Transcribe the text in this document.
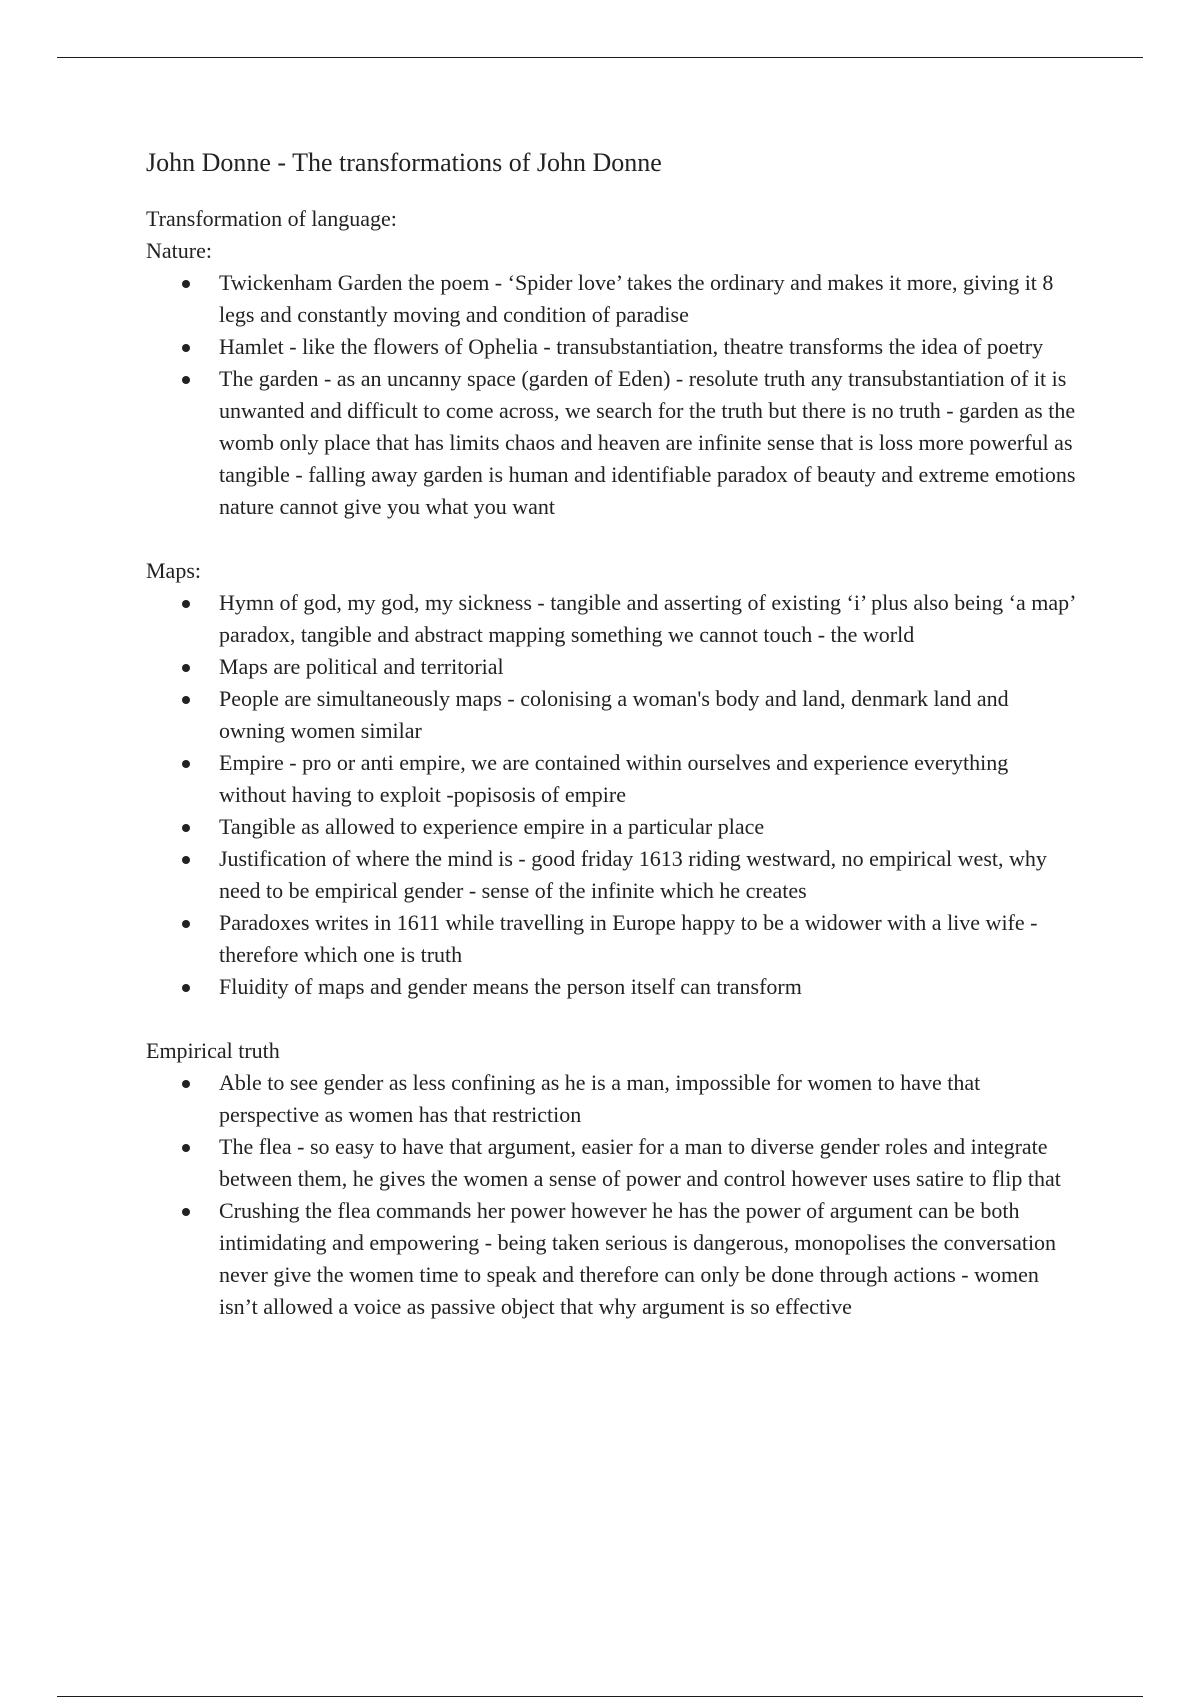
John Donne - The transformations of John Donne

Transformation of language:

Nature:

Twickenham Garden the poem - ‘Spider love’ takes the ordinary and makes it more, giving it 8 legs and constantly moving and condition of paradise
Hamlet - like the flowers of Ophelia - transubstantiation, theatre transforms the idea of poetry
The garden - as an uncanny space (garden of Eden) - resolute truth any transubstantiation of it is unwanted and difficult to come across, we search for the truth but there is no truth - garden as the womb only place that has limits chaos and heaven are infinite sense that is loss more powerful as tangible - falling away garden is human and identifiable paradox of beauty and extreme emotions nature cannot give you what you want

Maps:

Hymn of god, my god, my sickness - tangible and asserting of existing ‘i’ plus also being ‘a map’ paradox, tangible and abstract mapping something we cannot touch - the world
Maps are political and territorial
People are simultaneously maps - colonising a woman's body and land, denmark land and owning women similar
Empire - pro or anti empire, we are contained within ourselves and experience everything without having to exploit -popisosis of empire
Tangible as allowed to experience empire in a particular place
Justification of where the mind is - good friday 1613 riding westward, no empirical west, why need to be empirical gender - sense of the infinite which he creates
Paradoxes writes in 1611 while travelling in Europe happy to be a widower with a live wife - therefore which one is truth
Fluidity of maps and gender means the person itself can transform

Empirical truth

Able to see gender as less confining as he is a man, impossible for women to have that perspective as women has that restriction
The flea - so easy to have that argument, easier for a man to diverse gender roles and integrate between them, he gives the women a sense of power and control however uses satire to flip that
Crushing the flea commands her power however he has the power of argument can be both intimidating and empowering - being taken serious is dangerous, monopolises the conversation never give the women time to speak and therefore can only be done through actions - women isn’t allowed a voice as passive object that why argument is so effective
